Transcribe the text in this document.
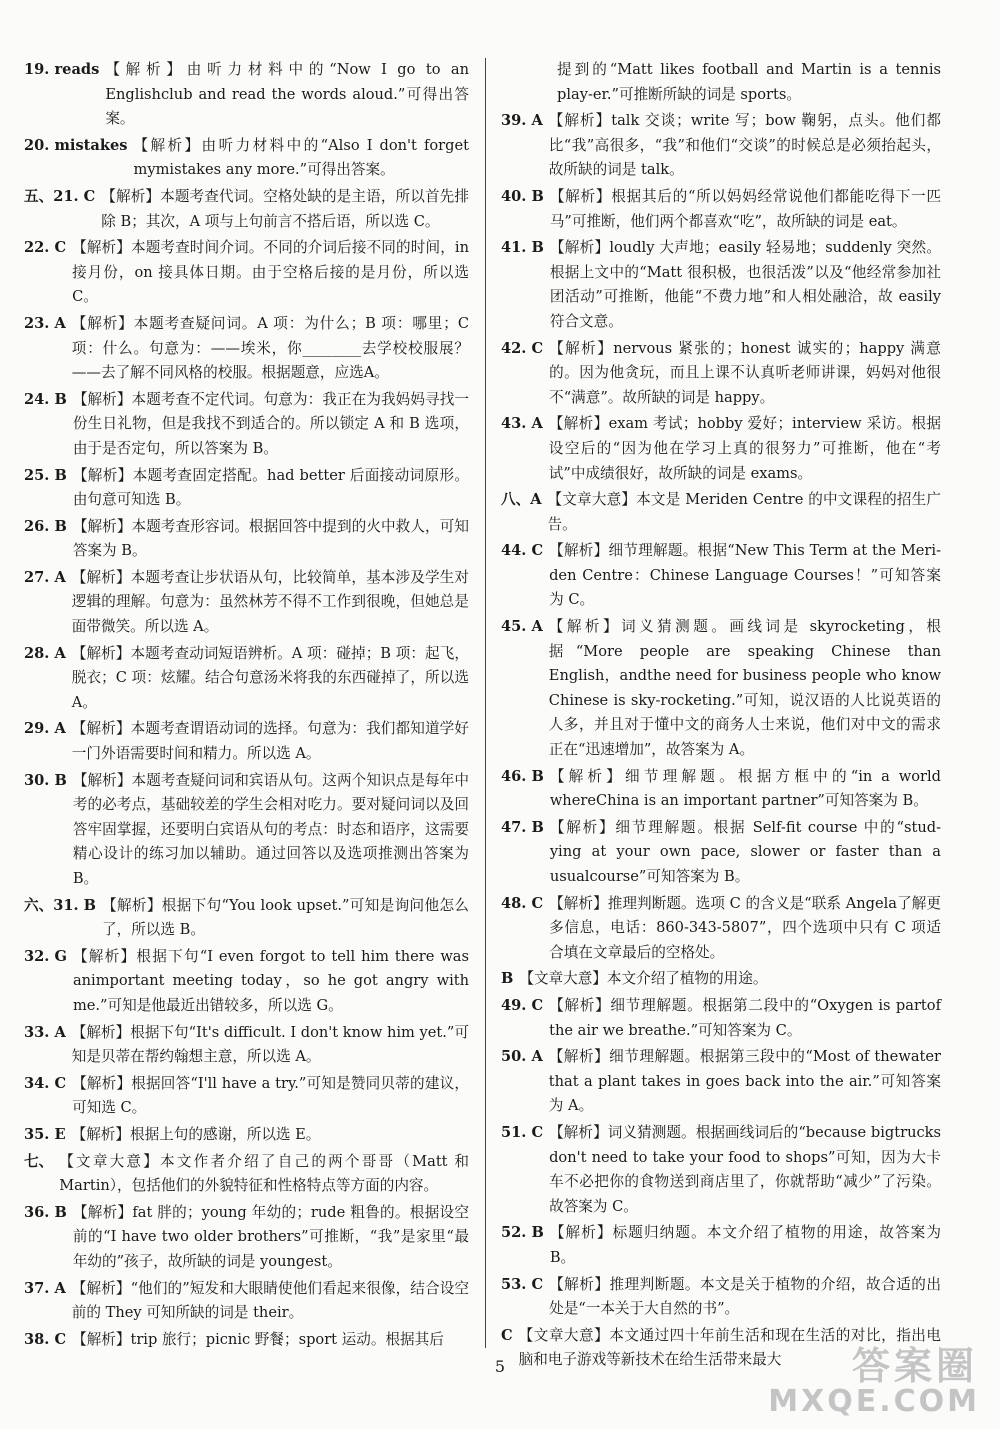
19. reads 【解析】由听力材料中的“Now I go to an Englishclub and read the words aloud.”可得出答案。
20. mistakes 【解析】由听力材料中的“Also I don't forget mymistakes any more.”可得出答案。
五、21. C 【解析】本题考查代词。空格处缺的是主语，所以首先排除 B；其次，A 项与上句前言不搭后语，所以选 C。
22. C 【解析】本题考查时间介词。不同的介词后接不同的时间，in 接月份，on 接具体日期。由于空格后接的是月份，所以选 C。
23. A 【解析】本题考查疑问词。A 项：为什么；B 项：哪里；C 项：什么。句意为：——埃米，你________去学校校服展？——去了解不同风格的校服。根据题意，应选A。
24. B 【解析】本题考查不定代词。句意为：我正在为我妈妈寻找一份生日礼物，但是我找不到适合的。所以锁定 A 和 B 选项，由于是否定句，所以答案为 B。
25. B 【解析】本题考查固定搭配。had better 后面接动词原形。由句意可知选 B。
26. B 【解析】本题考查形容词。根据回答中提到的火中救人，可知答案为 B。
27. A 【解析】本题考查让步状语从句，比较简单，基本涉及学生对逻辑的理解。句意为：虽然林芳不得不工作到很晚，但她总是面带微笑。所以选 A。
28. A 【解析】本题考查动词短语辨析。A 项：碰掉；B 项：起飞，脱衣；C 项：炫耀。结合句意汤米将我的东西碰掉了，所以选 A。
29. A 【解析】本题考查谓语动词的选择。句意为：我们都知道学好一门外语需要时间和精力。所以选 A。
30. B 【解析】本题考查疑问词和宾语从句。这两个知识点是每年中考的必考点，基础较差的学生会相对吃力。要对疑问词以及回答牢固掌握，还要明白宾语从句的考点：时态和语序，这需要精心设计的练习加以辅助。通过回答以及选项推测出答案为 B。
六、31. B 【解析】根据下句“You look upset.”可知是询问他怎么了，所以选 B。
32. G 【解析】根据下句“I even forgot to tell him there was animportant meeting today，so he got angry with me.”可知是他最近出错较多，所以选 G。
33. A 【解析】根据下句“It's difficult. I don't know him yet.”可知是贝蒂在帮约翰想主意，所以选 A。
34. C 【解析】根据回答“I'll have a try.”可知是赞同贝蒂的建议，可知选 C。
35. E 【解析】根据上句的感谢，所以选 E。
七、 【文章大意】本文作者介绍了自己的两个哥哥（Matt 和Martin），包括他们的外貌特征和性格特点等方面的内容。
36. B 【解析】fat 胖的；young 年幼的；rude 粗鲁的。根据设空前的“I have two older brothers”可推断，“我”是家里“最年幼的”孩子，故所缺的词是 youngest。
37. A 【解析】“他们的”短发和大眼睛使他们看起来很像，结合设空前的 They 可知所缺的词是 their。
38. C 【解析】trip 旅行；picnic 野餐；sport 运动。根据其后
提到的“Matt likes football and Martin is a tennis play-er.”可推断所缺的词是 sports。
39. A 【解析】talk 交谈；write 写；bow 鞠躬，点头。他们都比“我”高很多，“我”和他们“交谈”的时候总是必须抬起头，故所缺的词是 talk。
40. B 【解析】根据其后的“所以妈妈经常说他们都能吃得下一匹马”可推断，他们两个都喜欢“吃”，故所缺的词是 eat。
41. B 【解析】loudly 大声地；easily 轻易地；suddenly 突然。根据上文中的“Matt 很积极，也很活泼”以及“他经常参加社团活动”可推断，他能“不费力地”和人相处融洽，故 easily 符合文意。
42. C 【解析】nervous 紧张的；honest 诚实的；happy 满意的。因为他贪玩，而且上课不认真听老师讲课，妈妈对他很不“满意”。故所缺的词是 happy。
43. A 【解析】exam 考试；hobby 爱好；interview 采访。根据设空后的“因为他在学习上真的很努力”可推断，他在“考试”中成绩很好，故所缺的词是 exams。
八、A 【文章大意】本文是 Meriden Centre 的中文课程的招生广告。
44. C 【解析】细节理解题。根据“New This Term at the Meri-den Centre：Chinese Language Courses！”可知答案为 C。
45. A 【解析】词义猜测题。画线词是 skyrocketing，根据“More people are speaking Chinese than English，andthe need for business people who know Chinese is sky-rocketing.”可知，说汉语的人比说英语的人多，并且对于懂中文的商务人士来说，他们对中文的需求正在“迅速增加”，故答案为 A。
46. B 【解析】细节理解题。根据方框中的“in a world whereChina is an important partner”可知答案为 B。
47. B 【解析】细节理解题。根据 Self-fit course 中的“stud-ying at your own pace, slower or faster than a usualcourse”可知答案为 B。
48. C 【解析】推理判断题。选项 C 的含义是“联系 Angela了解更多信息，电话：860-343-5807”，四个选项中只有 C 项适合填在文章最后的空格处。
B 【文章大意】本文介绍了植物的用途。
49. C 【解析】细节理解题。根据第二段中的“Oxygen is partof the air we breathe.”可知答案为 C。
50. A 【解析】细节理解题。根据第三段中的“Most of thewater that a plant takes in goes back into the air.”可知答案为 A。
51. C 【解析】词义猜测题。根据画线词后的“because bigtrucks don't need to take your food to shops”可知，因为大卡车不必把你的食物送到商店里了，你就帮助“减少”了污染。故答案为 C。
52. B 【解析】标题归纳题。本文介绍了植物的用途，故答案为 B。
53. C 【解析】推理判断题。本文是关于植物的介绍，故合适的出处是“一本关于大自然的书”。
C 【文章大意】本文通过四十年前生活和现在生活的对比，指出电脑和电子游戏等新技术在给生活带来最大
5	答案圈
MXQE.COM
